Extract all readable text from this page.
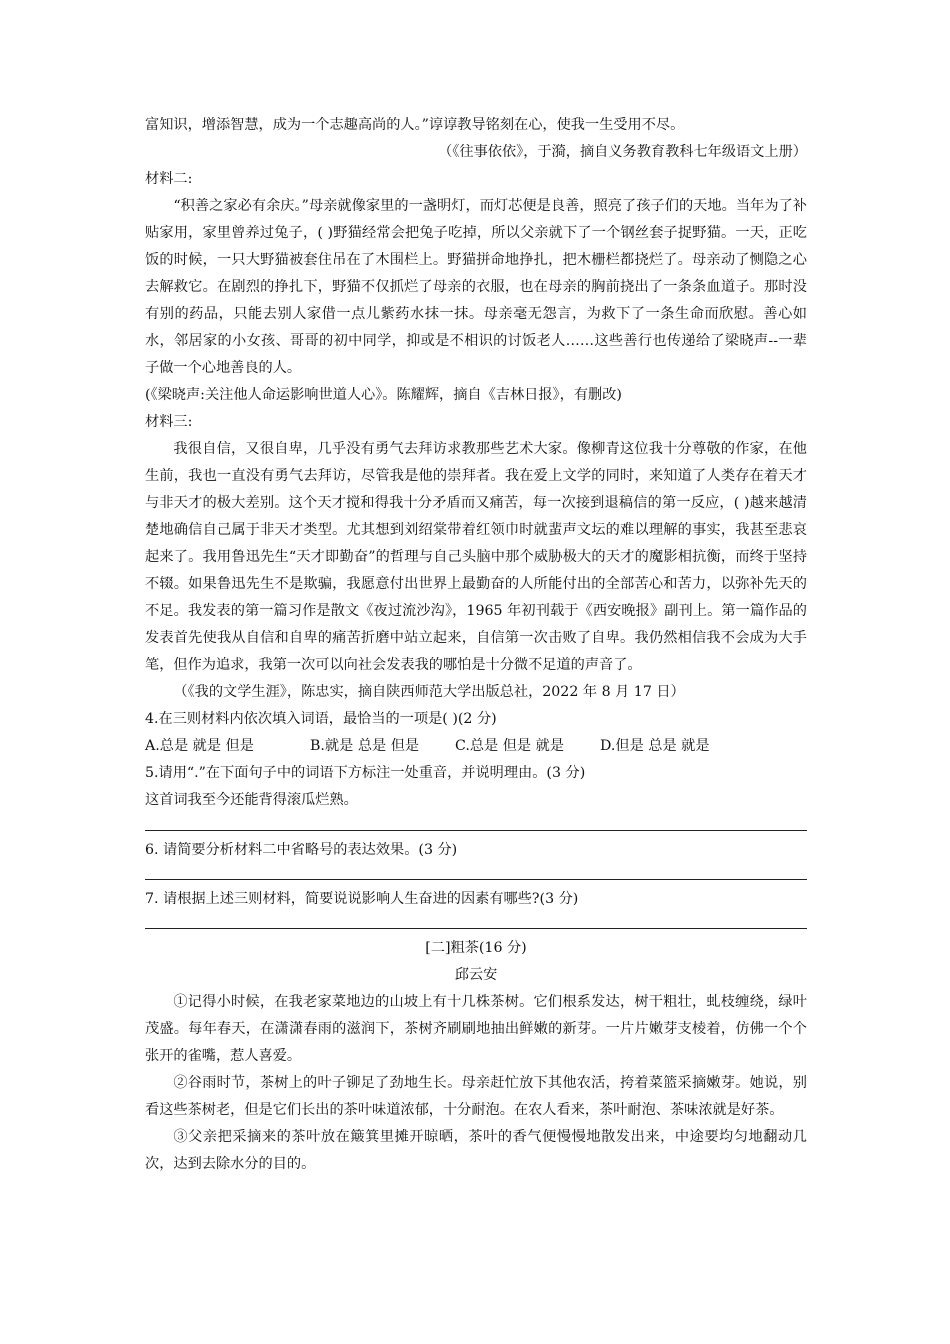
富知识，增添智慧，成为一个志趣高尚的人。”谆谆教导铭刻在心，使我一生受用不尽。

（《往事依依》，于漪，摘自义务教育教科七年级语文上册）

材料二:

“积善之家必有余庆。”母亲就像家里的一盏明灯，而灯芯便是良善，照亮了孩子们的天地。当年为了补贴家用，家里曾养过兔子，( )野猫经常会把兔子吃掉，所以父亲就下了一个钢丝套子捉野猫。一天，正吃饭的时候，一只大野猫被套住吊在了木围栏上。野猫拼命地挣扎，把木栅栏都挠烂了。母亲动了恻隐之心去解救它。在剧烈的挣扎下，野猫不仅抓烂了母亲的衣服，也在母亲的胸前挠出了一条条血道子。那时没有别的药品，只能去别人家借一点儿紫药水抹一抹。母亲毫无怨言，为救下了一条生命而欣慰。善心如水，邻居家的小女孩、哥哥的初中同学，抑或是不相识的讨饭老人……这些善行也传递给了梁晓声--一辈子做一个心地善良的人。

(《梁晓声:关注他人命运影响世道人心》。陈耀辉，摘自《吉林日报》，有删改)

材料三:

我很自信，又很自卑，几乎没有勇气去拜访求教那些艺术大家。像柳青这位我十分尊敬的作家，在他生前，我也一直没有勇气去拜访，尽管我是他的崇拜者。我在爱上文学的同时，来知道了人类存在着天才与非天才的极大差别。这个天才搅和得我十分矛盾而又痛苦，每一次接到退稿信的第一反应，( )越来越清楚地确信自己属于非天才类型。尤其想到刘绍棠带着红领巾时就蜚声文坛的难以理解的事实，我甚至悲哀起来了。我用鲁迅先生“天才即勤奋”的哲理与自己头脑中那个威胁极大的天才的魔影相抗衡，而终于坚持不辍。如果鲁迅先生不是欺骗，我愿意付出世界上最勤奋的人所能付出的全部苦心和苦力，以弥补先天的不足。我发表的第一篇习作是散文《夜过流沙沟》，1965 年初刊载于《西安晚报》副刊上。第一篇作品的发表首先使我从自信和自卑的痛苦折磨中站立起来，自信第一次击败了自卑。我仍然相信我不会成为大手笔，但作为追求，我第一次可以向社会发表我的哪怕是十分微不足道的声音了。

（《我的文学生涯》，陈忠实，摘自陕西师范大学出版总社，2022 年 8 月 17 日）

4.在三则材料内依次填入词语，最恰当的一项是( )(2 分)

A.总是 就是 但是	B.就是 总是 但是	C.总是 但是 就是	D.但是 总是 就是

5.请用“.”在下面句子中的词语下方标注一处重音，并说明理由。(3 分)

这首词我至今还能背得滚瓜烂熟。

6. 请简要分析材料二中省略号的表达效果。(3 分)

7. 请根据上述三则材料，简要说说影响人生奋进的因素有哪些?(3 分)

[二]粗茶(16 分)

邱云安

①记得小时候，在我老家菜地边的山坡上有十几株茶树。它们根系发达，树干粗壮，虬枝缠绕，绿叶茂盛。每年春天，在潇潇春雨的滋润下，茶树齐刷刷地抽出鲜嫩的新芽。一片片嫩芽支棱着，仿佛一个个张开的雀嘴，惹人喜爱。

②谷雨时节，茶树上的叶子铆足了劲地生长。母亲赶忙放下其他农活，挎着菜篮采摘嫩芽。她说，别看这些茶树老，但是它们长出的茶叶味道浓郁，十分耐泡。在农人看来，茶叶耐泡、茶味浓就是好茶。

③父亲把采摘来的茶叶放在簸箕里摊开晾晒，茶叶的香气便慢慢地散发出来，中途要均匀地翻动几次，达到去除水分的目的。
